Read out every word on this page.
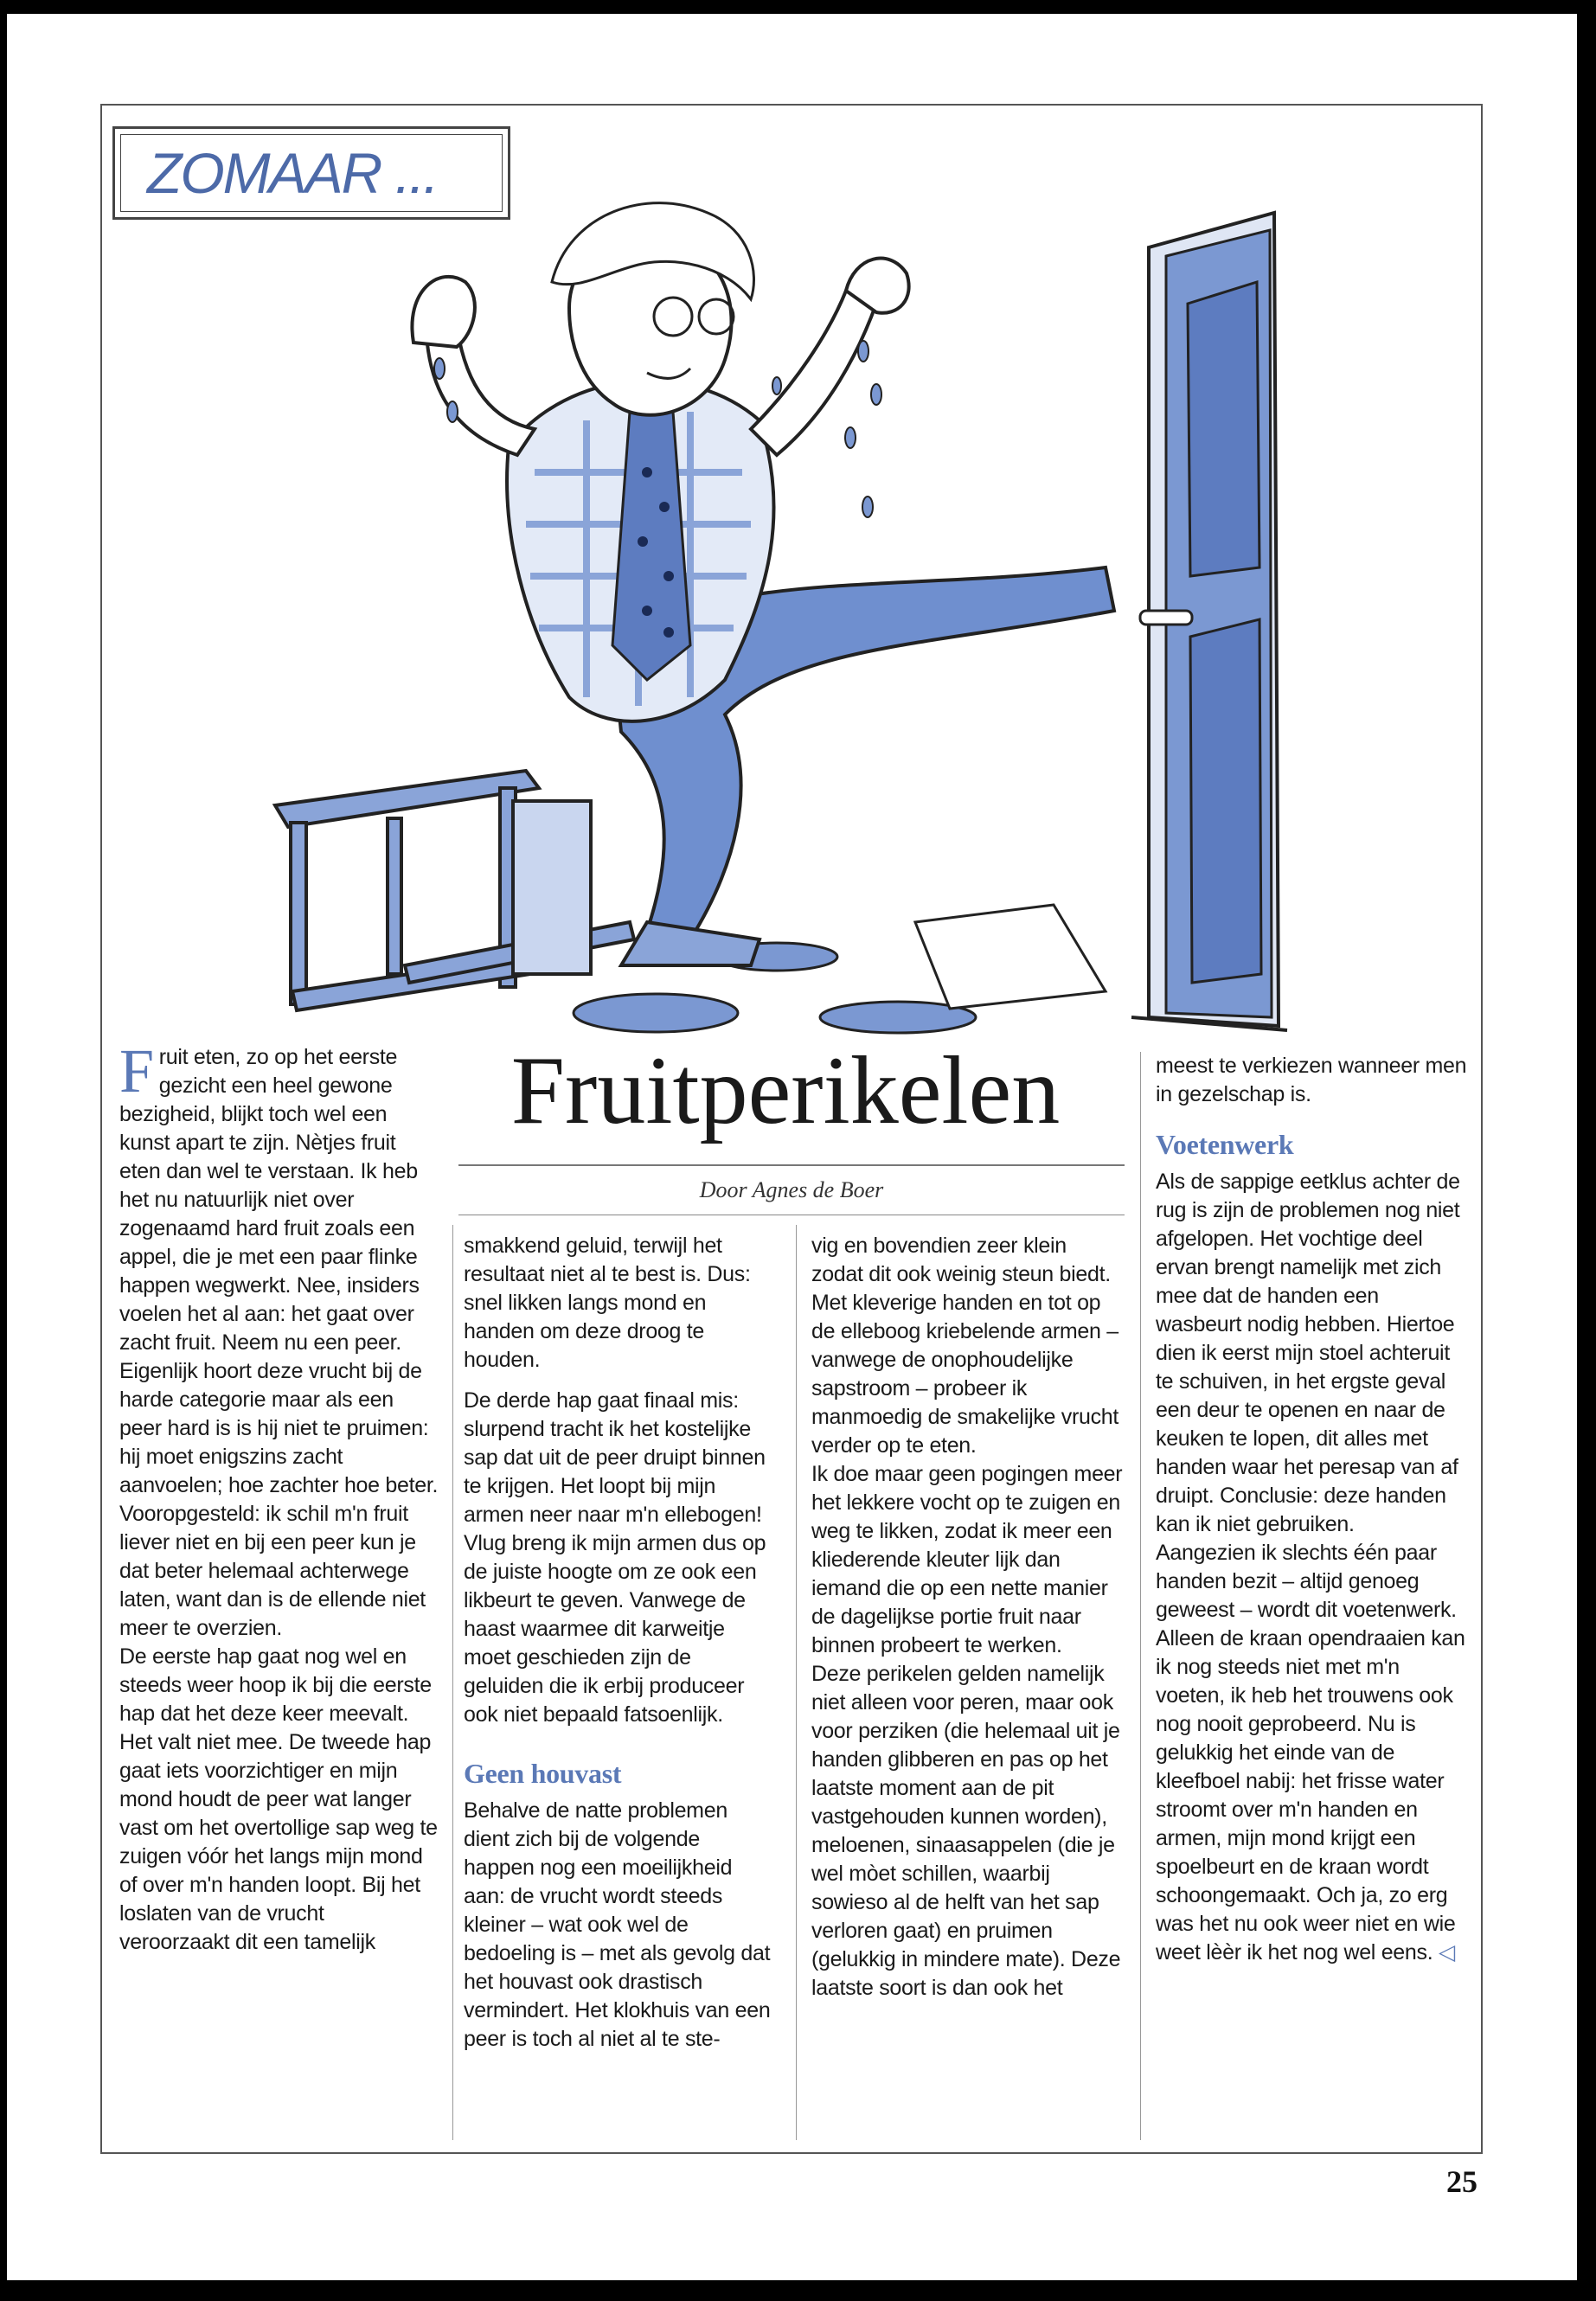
ZOMAAR ...
Fruitperikelen
Door Agnes de Boer

Fruit eten, zo op het eerste gezicht een heel gewone bezigheid, blijkt toch wel een kunst apart te zijn. Nètjes fruit eten dan wel te verstaan. Ik heb het nu natuurlijk niet over zogenaamd hard fruit zoals een appel, die je met een paar flinke happen wegwerkt. Nee, insiders voelen het al aan: het gaat over zacht fruit. Neem nu een peer. Eigenlijk hoort deze vrucht bij de harde categorie maar als een peer hard is is hij niet te pruimen: hij moet enigszins zacht aanvoelen; hoe zachter hoe beter.

Vooropgesteld: ik schil m'n fruit liever niet en bij een peer kun je dat beter helemaal achterwege laten, want dan is de ellende niet meer te overzien.

De eerste hap gaat nog wel en steeds weer hoop ik bij die eerste hap dat het deze keer meevalt. Het valt niet mee. De tweede hap gaat iets voorzichtiger en mijn mond houdt de peer wat langer vast om het overtollige sap weg te zuigen vóór het langs mijn mond of over m'n handen loopt. Bij het loslaten van de vrucht veroorzaakt dit een tamelijk

smakkend geluid, terwijl het resultaat niet al te best is. Dus: snel likken langs mond en handen om deze droog te houden.

De derde hap gaat finaal mis: slurpend tracht ik het kostelijke sap dat uit de peer druipt binnen te krijgen. Het loopt bij mijn armen neer naar m'n ellebogen! Vlug breng ik mijn armen dus op de juiste hoogte om ze ook een likbeurt te geven. Vanwege de haast waarmee dit karweitje moet geschieden zijn de geluiden die ik erbij produceer ook niet bepaald fatsoenlijk.

Geen houvast

Behalve de natte problemen dient zich bij de volgende happen nog een moeilijkheid aan: de vrucht wordt steeds kleiner – wat ook wel de bedoeling is – met als gevolg dat het houvast ook drastisch vermindert. Het klokhuis van een peer is toch al niet al te ste-

vig en bovendien zeer klein zodat dit ook weinig steun biedt. Met kleverige handen en tot op de elleboog kriebelende armen – vanwege de onophoudelijke sapstroom – probeer ik manmoedig de smakelijke vrucht verder op te eten.

Ik doe maar geen pogingen meer het lekkere vocht op te zuigen en weg te likken, zodat ik meer een kliederende kleuter lijk dan iemand die op een nette manier de dagelijkse portie fruit naar binnen probeert te werken.

Deze perikelen gelden namelijk niet alleen voor peren, maar ook voor perziken (die helemaal uit je handen glibberen en pas op het laatste moment aan de pit vastgehouden kunnen worden), meloenen, sinaasappelen (die je wel mòet schillen, waarbij sowieso al de helft van het sap verloren gaat) en pruimen (gelukkig in mindere mate). Deze laatste soort is dan ook het

meest te verkiezen wanneer men in gezelschap is.

Voetenwerk

Als de sappige eetklus achter de rug is zijn de problemen nog niet afgelopen. Het vochtige deel ervan brengt namelijk met zich mee dat de handen een wasbeurt nodig hebben. Hiertoe dien ik eerst mijn stoel achteruit te schuiven, in het ergste geval een deur te openen en naar de keuken te lopen, dit alles met handen waar het peresap van af druipt. Conclusie: deze handen kan ik niet gebruiken.

Aangezien ik slechts één paar handen bezit – altijd genoeg geweest – wordt dit voetenwerk. Alleen de kraan opendraaien kan ik nog steeds niet met m'n voeten, ik heb het trouwens ook nog nooit geprobeerd. Nu is gelukkig het einde van de kleefboel nabij: het frisse water stroomt over m'n handen en armen, mijn mond krijgt een spoelbeurt en de kraan wordt schoongemaakt. Och ja, zo erg was het nu ook weer niet en wie weet lèèr ik het nog wel eens. ◁

25
